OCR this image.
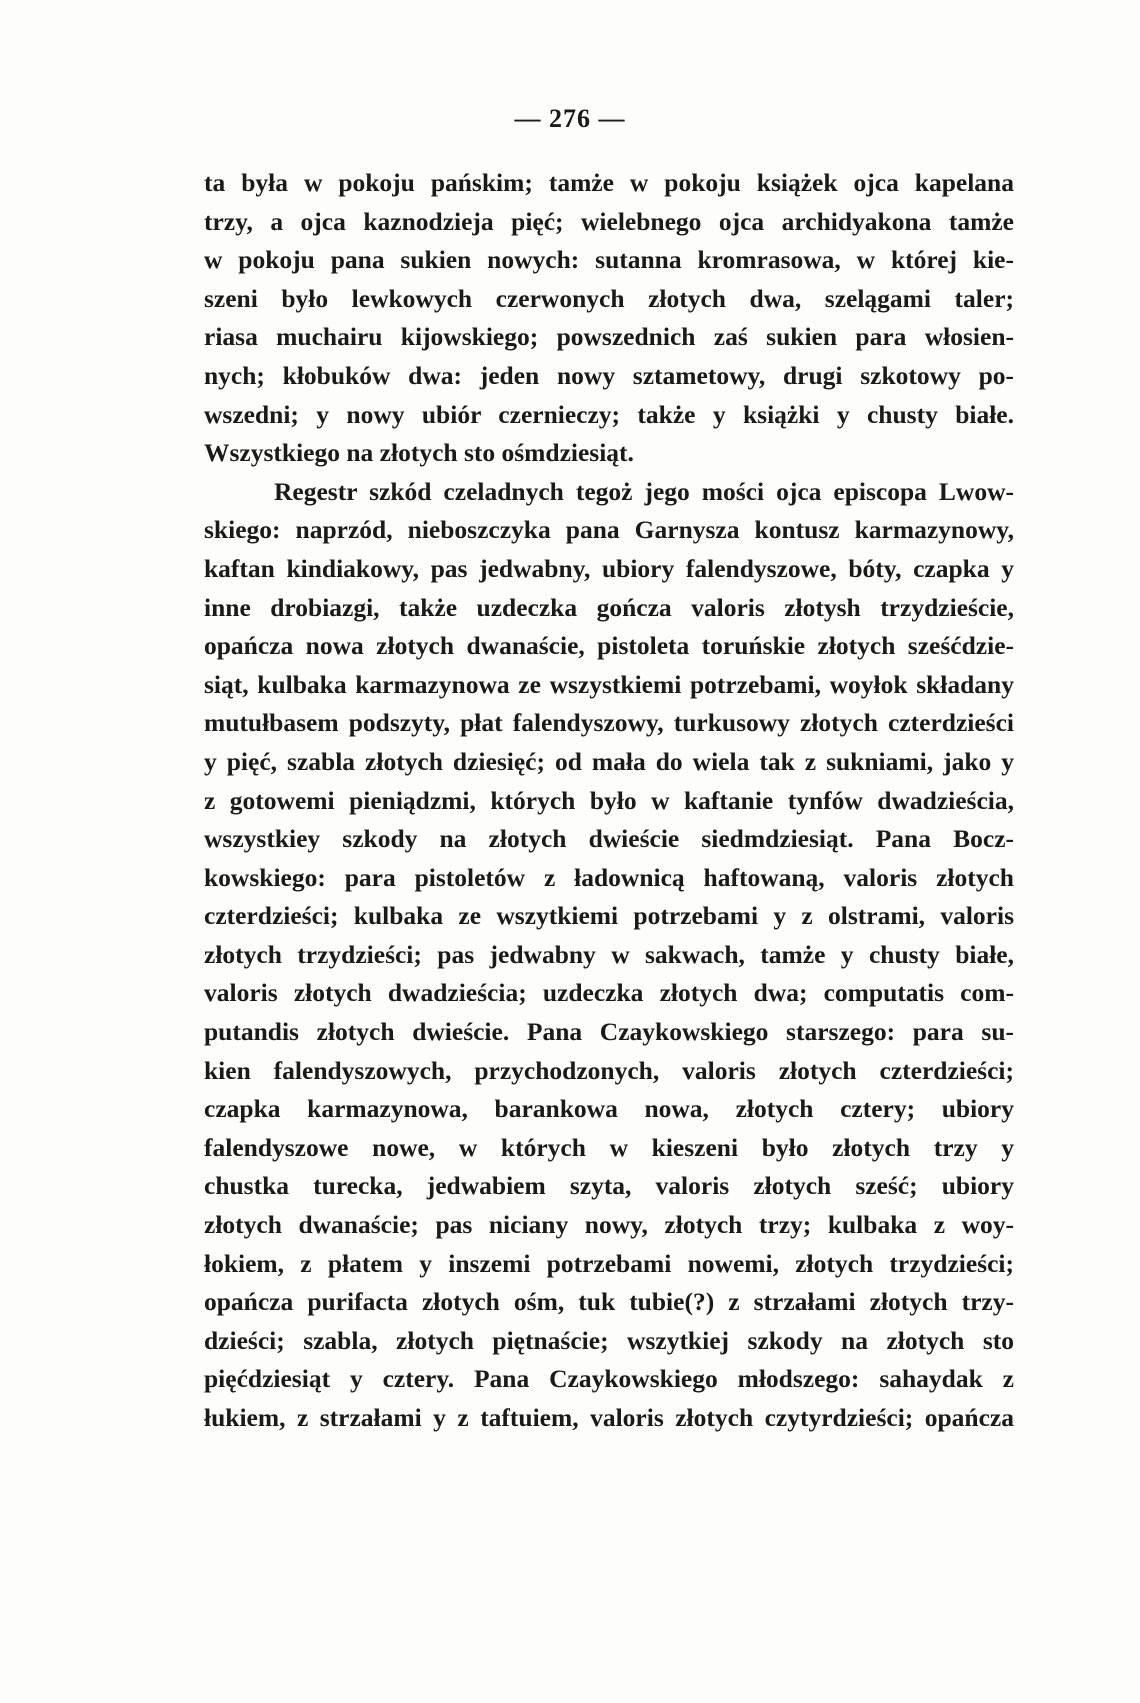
— 276 —
ta była w pokoju pańskim; tamże w pokoju książek ojca kapelana
trzy, a ojca kaznodzieja pięć; wielebnego ojca archidyakona tamże
w pokoju pana sukien nowych: sutanna kromrasowa, w której kie-
szeni było lewkowych czerwonych złotych dwa, szelągami taler;
riasa muchairu kijowskiego; powszednich zaś sukien para włosien-
nych; kłobuków dwa: jeden nowy sztametowy, drugi szkotowy po-
wszedni; y nowy ubiór czernieczy; także y książki y chusty białe.
Wszystkiego na złotych sto ośmdziesiąt.
Regestr szkód czeladnych tegoż jego mości ojca episcopa Lwow-
skiego: naprzód, nieboszczyka pana Garnysza kontusz karmazynowy,
kaftan kindiakowy, pas jedwabny, ubiory falendyszowe, bóty, czapka y
inne drobiazgi, także uzdeczka gończa valoris złotysh trzydzieście,
opańcza nowa złotych dwanaście, pistoleta toruńskie złotych sześćdzie-
siąt, kulbaka karmazynowa ze wszystkiemi potrzebami, woyłok składany
mutułbasem podszyty, płat falendyszowy, turkusowy złotych czterdzieści
y pięć, szabla złotych dziesięć; od mała do wiela tak z sukniami, jako y
z gotowemi pieniądzmi, których było w kaftanie tynfów dwadzieścia,
wszystkiey szkody na złotych dwieście siedmdziesiąt. Pana Bocz-
kowskiego: para pistoletów z ładownicą haftowaną, valoris złotych
czterdzieści; kulbaka ze wszytkiemi potrzebami y z olstrami, valoris
złotych trzydzieści; pas jedwabny w sakwach, tamże y chusty białe,
valoris złotych dwadzieścia; uzdeczka złotych dwa; computatis com-
putandis złotych dwieście. Pana Czaykowskiego starszego: para su-
kien falendyszowych, przychodzonych, valoris złotych czterdzieści;
czapka karmazynowa, barankowa nowa, złotych cztery; ubiory
falendyszowe nowe, w których w kieszeni było złotych trzy y
chustka turecka, jedwabiem szyta, valoris złotych sześć; ubiory
złotych dwanaście; pas niciany nowy, złotych trzy; kulbaka z woy-
łokiem, z płatem y inszemi potrzebami nowemi, złotych trzydzieści;
opańcza purifacta złotych ośm, tuk tubie(?) z strzałami złotych trzy-
dzieści; szabla, złotych piętnaście; wszytkiej szkody na złotych sto
pięćdziesiąt y cztery. Pana Czaykowskiego młodszego: sahaydak z
łukiem, z strzałami y z taftuiem, valoris złotych czytyrdzieści; opańcza
